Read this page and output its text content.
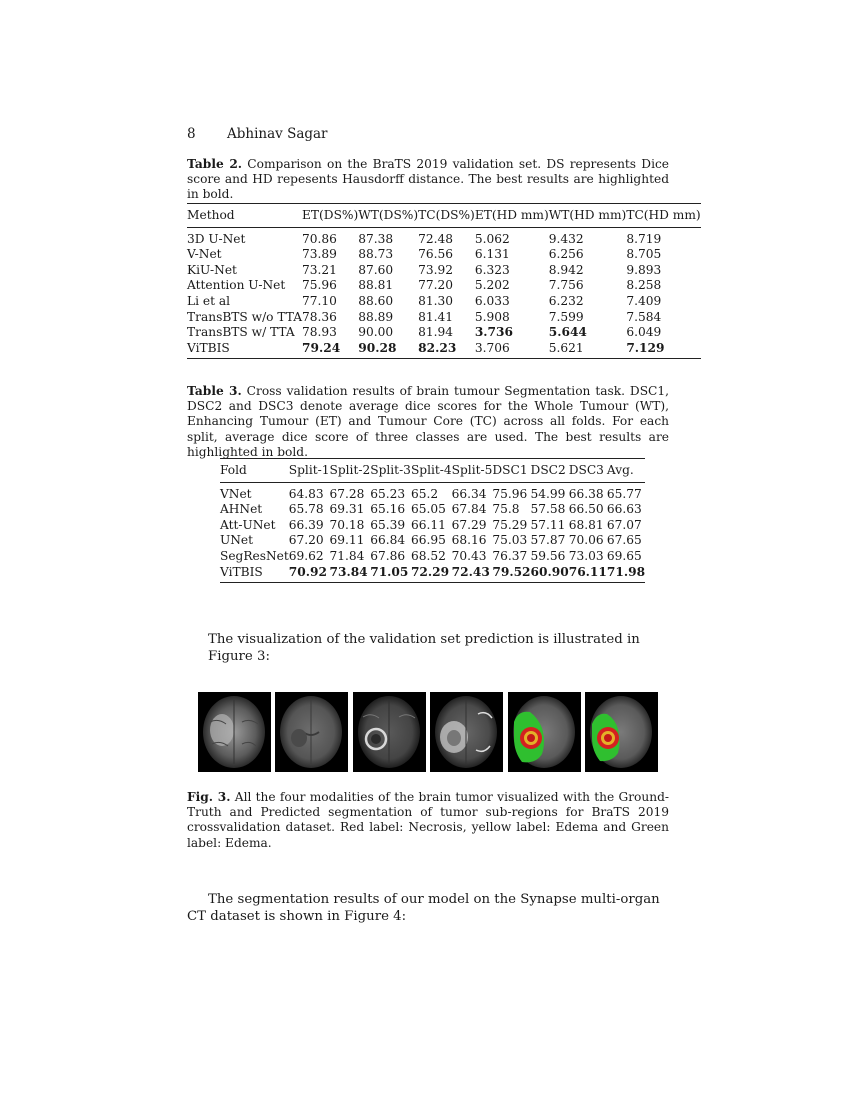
8 Abhinav Sagar
Table 2. Comparison on the BraTS 2019 validation set. DS represents Dice score and HD repesents Hausdorff distance. The best results are highlighted in bold.
Method	ET(DS%)	WT(DS%)	TC(DS%)	ET(HD mm)	WT(HD mm)	TC(HD mm)
3D U-Net	70.86	87.38	72.48	5.062	9.432	8.719
V-Net	73.89	88.73	76.56	6.131	6.256	8.705
KiU-Net	73.21	87.60	73.92	6.323	8.942	9.893
Attention U-Net	75.96	88.81	77.20	5.202	7.756	8.258
Li et al	77.10	88.60	81.30	6.033	6.232	7.409
TransBTS w/o TTA	78.36	88.89	81.41	5.908	7.599	7.584
TransBTS w/ TTA	78.93	90.00	81.94	3.736	5.644	6.049
ViTBIS	79.24	90.28	82.23	3.706	5.621	7.129
Table 3. Cross validation results of brain tumour Segmentation task. DSC1, DSC2 and DSC3 denote average dice scores for the Whole Tumour (WT), Enhancing Tumour (ET) and Tumour Core (TC) across all folds. For each split, average dice score of three classes are used. The best results are highlighted in bold.
Fold	Split-1	Split-2	Split-3	Split-4	Split-5	DSC1	DSC2	DSC3	Avg.
VNet	64.83	67.28	65.23	65.2	66.34	75.96	54.99	66.38	65.77
AHNet	65.78	69.31	65.16	65.05	67.84	75.8	57.58	66.50	66.63
Att-UNet	66.39	70.18	65.39	66.11	67.29	75.29	57.11	68.81	67.07
UNet	67.20	69.11	66.84	66.95	68.16	75.03	57.87	70.06	67.65
SegResNet	69.62	71.84	67.86	68.52	70.43	76.37	59.56	73.03	69.65
ViTBIS	70.92	73.84	71.05	72.29	72.43	79.52	60.90	76.11	71.98
The visualization of the validation set prediction is illustrated in Figure 3:
Fig. 3. All the four modalities of the brain tumor visualized with the Ground-Truth and Predicted segmentation of tumor sub-regions for BraTS 2019 crossvalidation dataset. Red label: Necrosis, yellow label: Edema and Green label: Edema.
The segmentation results of our model on the Synapse multi-organ CT dataset is shown in Figure 4:
